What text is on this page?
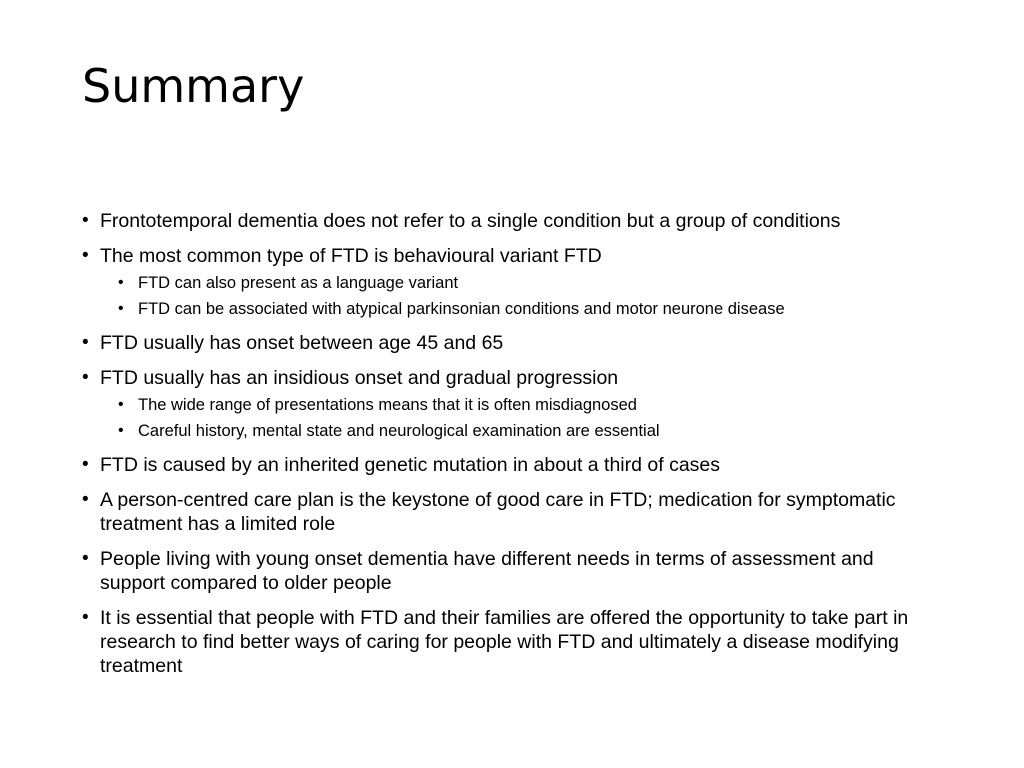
Summary
• Frontotemporal dementia does not refer to a single condition but a group of conditions
• The most common type of FTD is behavioural variant FTD
• FTD can also present as a language variant
• FTD can be associated with atypical parkinsonian conditions and motor neurone disease
• FTD usually has onset between age 45 and 65
• FTD usually has an insidious onset and gradual progression
• The wide range of presentations means that it is often misdiagnosed
• Careful history, mental state and neurological examination are essential
• FTD is caused by an inherited genetic mutation in about a third of cases
• A person-centred care plan is the keystone of good care in FTD; medication for symptomatic treatment has a limited role
• People living with young onset dementia have different needs in terms of assessment and support compared to older people
• It is essential that people with FTD and their families are offered the opportunity to take part in research to find better ways of caring for people with FTD and ultimately a disease modifying treatment
